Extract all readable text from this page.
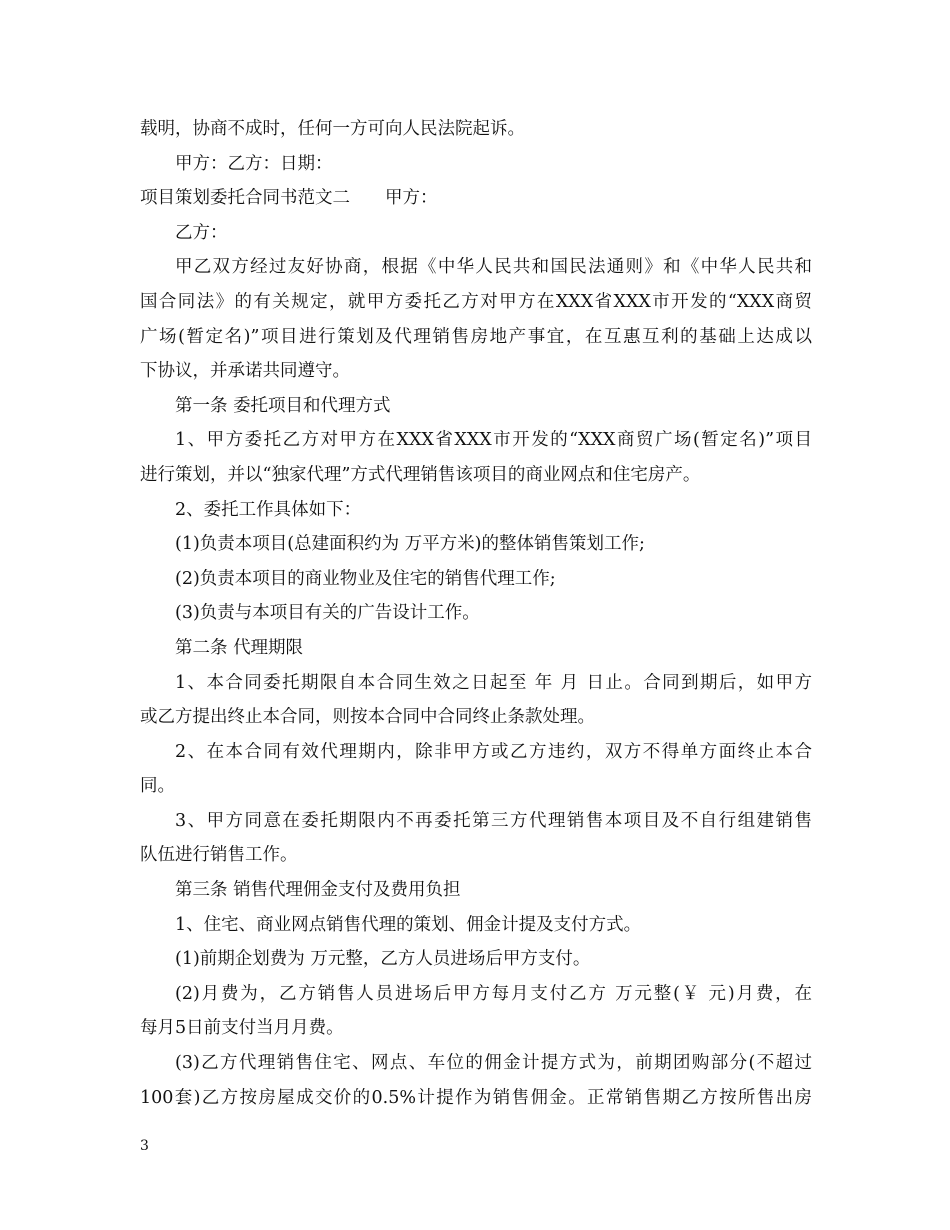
载明，协商不成时，任何一方可向人民法院起诉。
甲方：乙方：日期：
项目策划委托合同书范文二　　甲方：
乙方：
甲乙双方经过友好协商，根据《中华人民共和国民法通则》和《中华人民共和
国合同法》的有关规定，就甲方委托乙方对甲方在XXX省XXX市开发的“XXX商贸
广场(暂定名)”项目进行策划及代理销售房地产事宜，在互惠互利的基础上达成以
下协议，并承诺共同遵守。
第一条 委托项目和代理方式
1、甲方委托乙方对甲方在XXX省XXX市开发的“XXX商贸广场(暂定名)”项目
进行策划，并以“独家代理”方式代理销售该项目的商业网点和住宅房产。
2、委托工作具体如下：
(1)负责本项目(总建面积约为 万平方米)的整体销售策划工作;
(2)负责本项目的商业物业及住宅的销售代理工作;
(3)负责与本项目有关的广告设计工作。
第二条 代理期限
1、本合同委托期限自本合同生效之日起至 年 月 日止。合同到期后，如甲方
或乙方提出终止本合同，则按本合同中合同终止条款处理。
2、在本合同有效代理期内，除非甲方或乙方违约，双方不得单方面终止本合
同。
3、甲方同意在委托期限内不再委托第三方代理销售本项目及不自行组建销售
队伍进行销售工作。
第三条 销售代理佣金支付及费用负担
1、住宅、商业网点销售代理的策划、佣金计提及支付方式。
(1)前期企划费为 万元整，乙方人员进场后甲方支付。
(2)月费为，乙方销售人员进场后甲方每月支付乙方 万元整(￥ 元)月费，在
每月5日前支付当月月费。
(3)乙方代理销售住宅、网点、车位的佣金计提方式为，前期团购部分(不超过
100套)乙方按房屋成交价的0.5%计提作为销售佣金。正常销售期乙方按所售出房
3
